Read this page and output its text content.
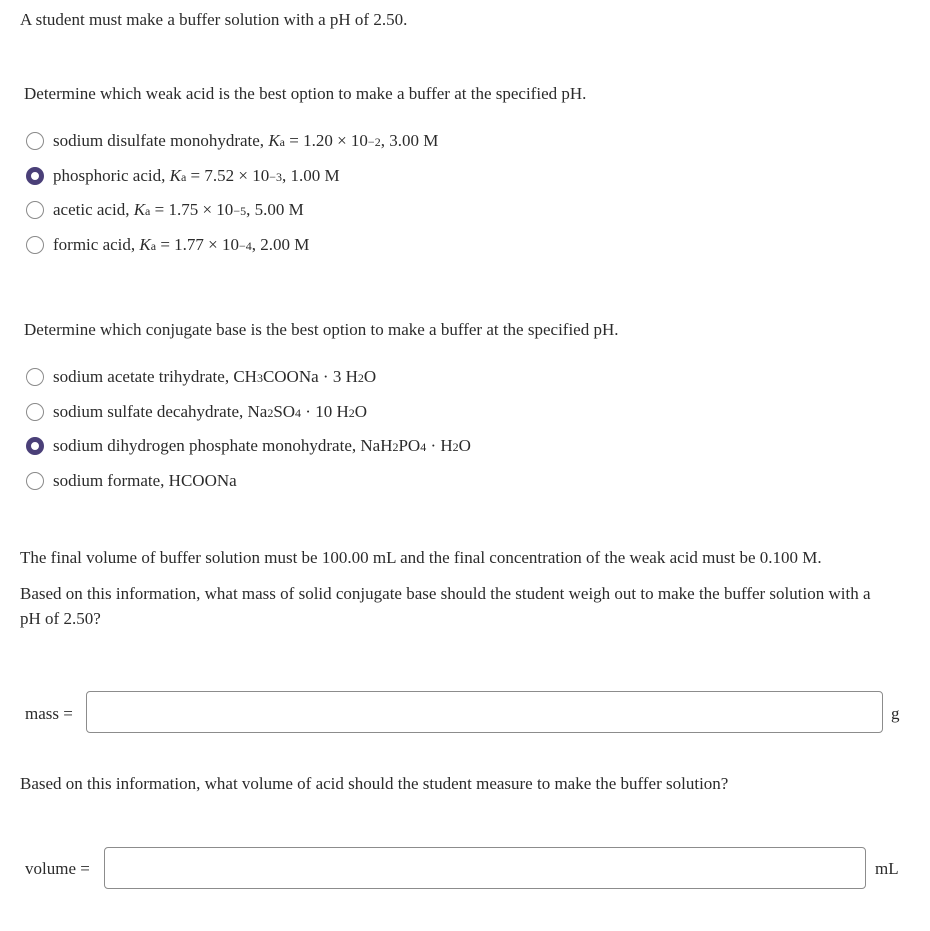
A student must make a buffer solution with a pH of 2.50.
Determine which weak acid is the best option to make a buffer at the specified pH.
sodium disulfate monohydrate,
K a = 1.20 × 10 −2 , 3.00 M
phosphoric acid,
K a = 7.52 × 10 −3 , 1.00 M
acetic acid,
K a = 1.75 × 10 −5 , 5.00 M
formic acid,
K a = 1.77 × 10 −4 , 2.00 M
Determine which conjugate base is the best option to make a buffer at the specified pH.
sodium acetate trihydrate, CH 3 COONa · 3 H 2 O
sodium sulfate decahydrate, Na 2 SO 4 · 10 H 2 O
sodium dihydrogen phosphate monohydrate, NaH 2 PO 4 · H 2 O
sodium formate, HCOONa
The final volume of buffer solution must be 100.00 mL and the final concentration of the weak acid must be 0.100 M.
Based on this information, what mass of solid conjugate base should the student weigh out to make the buffer solution with a pH of 2.50?
mass =	g
Based on this information, what volume of acid should the student measure to make the buffer solution?
volume =	mL
